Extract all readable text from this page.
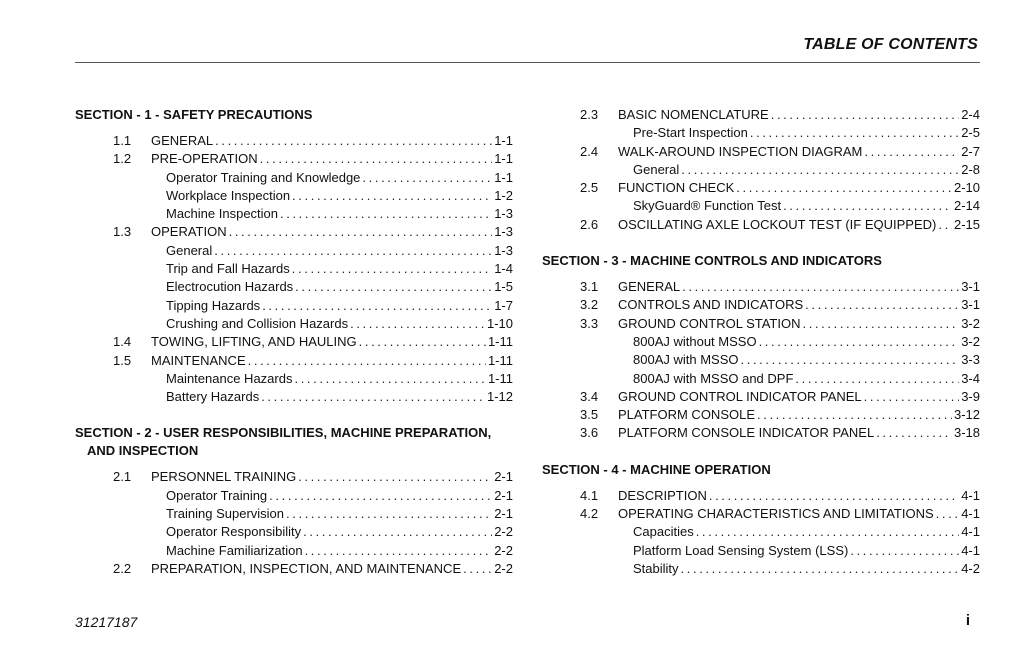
TABLE OF CONTENTS
SECTION - 1 - SAFETY PRECAUTIONS
1.1	GENERAL . . .	1-1
1.2	PRE-OPERATION . . .	1-1
Operator Training and Knowledge . . .	1-1
Workplace Inspection . . .	1-2
Machine Inspection . . .	1-3
1.3	OPERATION . . .	1-3
General . . .	1-3
Trip and Fall Hazards . . .	1-4
Electrocution Hazards . . .	1-5
Tipping Hazards . . .	1-7
Crushing and Collision Hazards . . .	1-10
1.4	TOWING, LIFTING, AND HAULING . . .	1-11
1.5	MAINTENANCE . . .	1-11
Maintenance Hazards . . .	1-11
Battery Hazards . . .	1-12
SECTION - 2 - USER RESPONSIBILITIES, MACHINE PREPARATION,
AND INSPECTION
2.1	PERSONNEL TRAINING . . .	2-1
Operator Training . . .	2-1
Training Supervision . . .	2-1
Operator Responsibility . . .	2-2
Machine Familiarization . . .	2-2
2.2	PREPARATION, INSPECTION, AND MAINTENANCE . . .	2-2
2.3	BASIC NOMENCLATURE . . .	2-4
Pre-Start Inspection . . .	2-5
2.4	WALK-AROUND INSPECTION DIAGRAM . . .	2-7
General . . .	2-8
2.5	FUNCTION CHECK . . .	2-10
SkyGuard® Function Test . . .	2-14
2.6	OSCILLATING AXLE LOCKOUT TEST (IF EQUIPPED) . . . 2-15
SECTION - 3 - MACHINE CONTROLS AND INDICATORS
3.1	GENERAL . . .	3-1
3.2	CONTROLS AND INDICATORS . . .	3-1
3.3	GROUND CONTROL STATION . . .	3-2
800AJ without MSSO . . .	3-2
800AJ with MSSO . . .	3-3
800AJ with MSSO and DPF . . .	3-4
3.4	GROUND CONTROL INDICATOR PANEL . . .	3-9
3.5	PLATFORM CONSOLE . . .	3-12
3.6	PLATFORM CONSOLE INDICATOR PANEL . . .	3-18
SECTION - 4 - MACHINE OPERATION
4.1	DESCRIPTION . . .	4-1
4.2	OPERATING CHARACTERISTICS AND LIMITATIONS . . . 4-1
Capacities . . .	4-1
Platform Load Sensing System (LSS) . . .	4-1
Stability . . .	4-2
31217187	i
